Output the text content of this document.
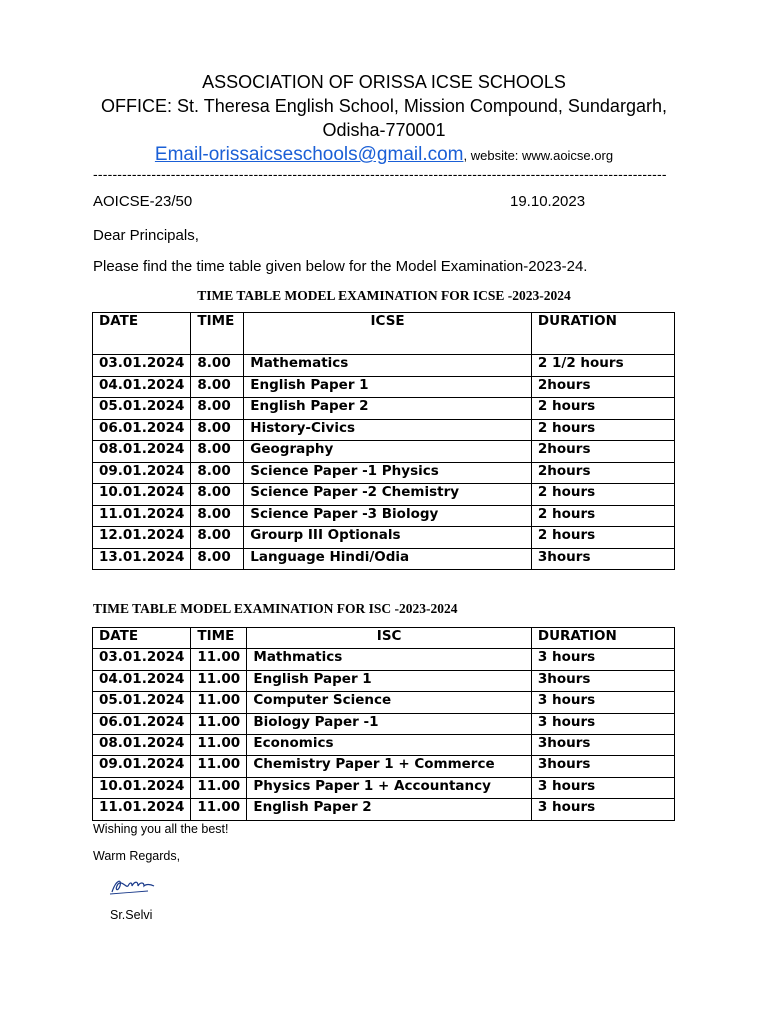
ASSOCIATION OF ORISSA ICSE SCHOOLS
OFFICE: St. Theresa English School, Mission Compound, Sundargarh,
Odisha-770001
Email-orissaicseschools@gmail.com, website: www.aoicse.org
----------------------------------------------------------------------------------------------------------------------
AOICSE-23/50	19.10.2023
Dear Principals,
Please find the time table given below for the Model Examination-2023-24.
TIME TABLE MODEL EXAMINATION FOR ICSE -2023-2024
DATE	TIME	ICSE	DURATION
03.01.2024	8.00	Mathematics	2 1/2 hours
04.01.2024	8.00	English Paper 1	2hours
05.01.2024	8.00	English Paper 2	2 hours
06.01.2024	8.00	History-Civics	2 hours
08.01.2024	8.00	Geography	2hours
09.01.2024	8.00	Science Paper -1 Physics	2hours
10.01.2024	8.00	Science Paper -2 Chemistry	2 hours
11.01.2024	8.00	Science Paper -3 Biology	2 hours
12.01.2024	8.00	Grourp III Optionals	2 hours
13.01.2024	8.00	Language Hindi/Odia	3hours
TIME TABLE MODEL EXAMINATION FOR ISC -2023-2024
DATE	TIME	ISC	DURATION
03.01.2024	11.00	Mathmatics	3 hours
04.01.2024	11.00	English Paper 1	3hours
05.01.2024	11.00	Computer Science	3 hours
06.01.2024	11.00	Biology Paper -1	3 hours
08.01.2024	11.00	Economics	3hours
09.01.2024	11.00	Chemistry Paper 1 + Commerce	3hours
10.01.2024	11.00	Physics Paper 1 + Accountancy	3 hours
11.01.2024	11.00	English Paper 2	3 hours
Wishing you all the best!
Warm Regards,
Sr.Selvi
